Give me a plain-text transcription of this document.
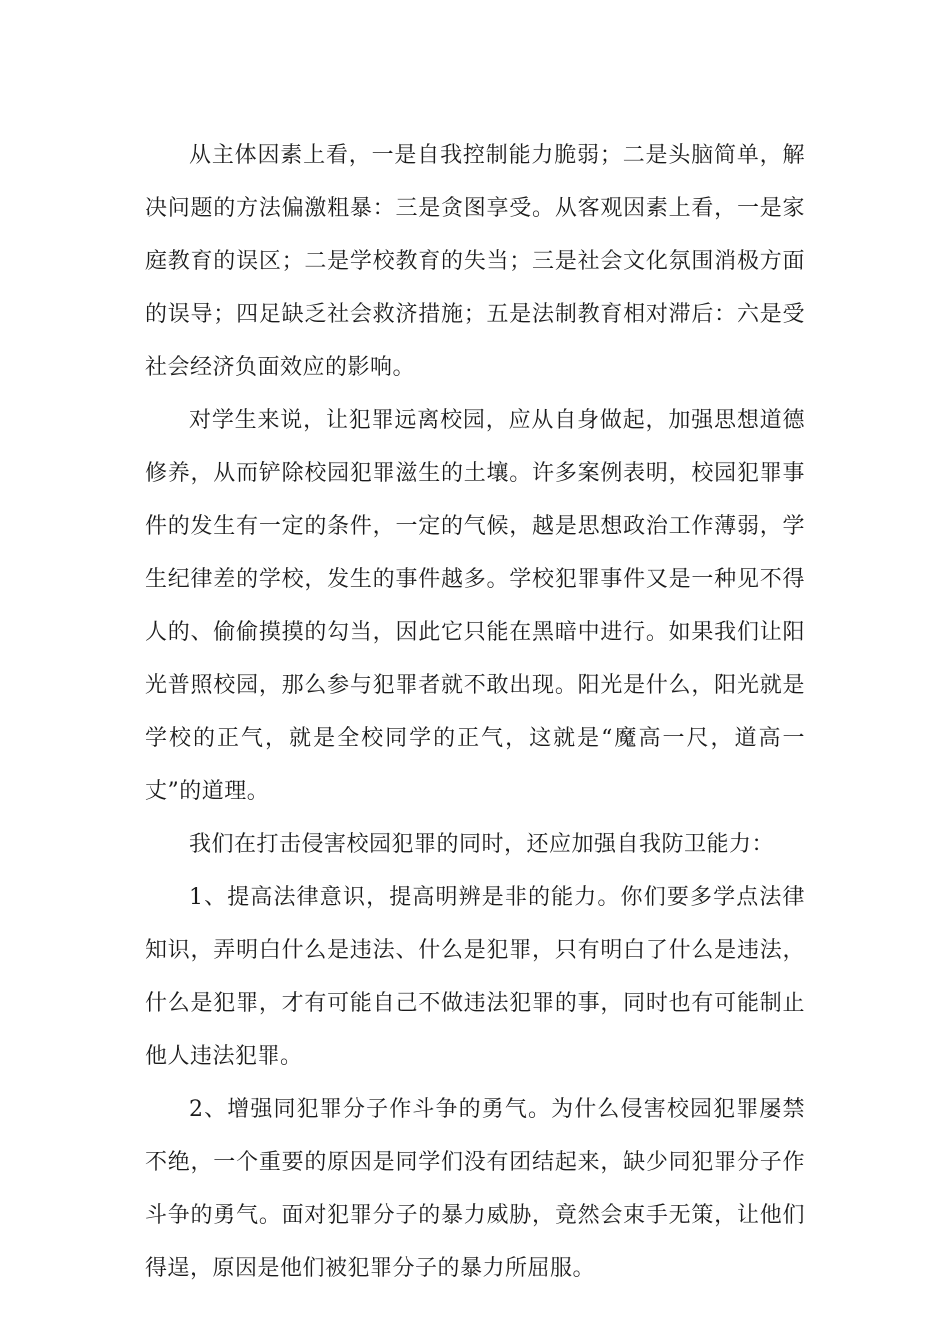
从主体因素上看，一是自我控制能力脆弱；二是头脑简单，解决问题的方法偏激粗暴：三是贪图享受。从客观因素上看，一是家庭教育的误区；二是学校教育的失当；三是社会文化氛围消极方面的误导；四足缺乏社会救济措施；五是法制教育相对滞后：六是受社会经济负面效应的影响。

对学生来说，让犯罪远离校园，应从自身做起，加强思想道德修养，从而铲除校园犯罪滋生的土壤。许多案例表明，校园犯罪事件的发生有一定的条件，一定的气候，越是思想政治工作薄弱，学生纪律差的学校，发生的事件越多。学校犯罪事件又是一种见不得人的、偷偷摸摸的勾当，因此它只能在黑暗中进行。如果我们让阳光普照校园，那么参与犯罪者就不敢出现。阳光是什么，阳光就是学校的正气，就是全校同学的正气，这就是“魔高一尺，道高一丈”的道理。

我们在打击侵害校园犯罪的同时，还应加强自我防卫能力：

1、提高法律意识，提高明辨是非的能力。你们要多学点法律知识，弄明白什么是违法、什么是犯罪，只有明白了什么是违法，什么是犯罪，才有可能自己不做违法犯罪的事，同时也有可能制止他人违法犯罪。

2、增强同犯罪分子作斗争的勇气。为什么侵害校园犯罪屡禁不绝，一个重要的原因是同学们没有团结起来，缺少同犯罪分子作斗争的勇气。面对犯罪分子的暴力威胁，竟然会束手无策，让他们得逞，原因是他们被犯罪分子的暴力所屈服。
